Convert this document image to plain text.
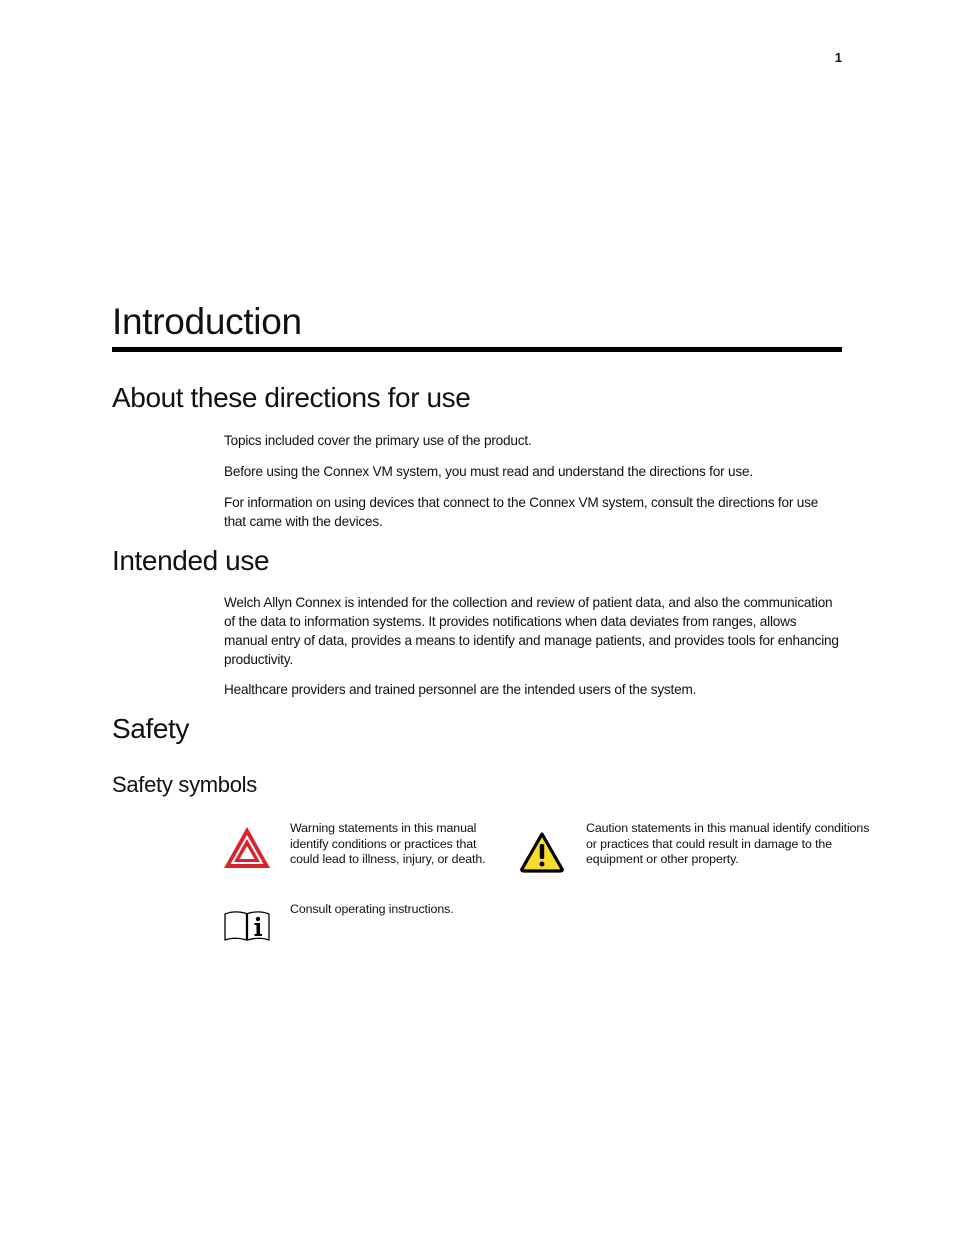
1
Introduction
About these directions for use

Topics included cover the primary use of the product.

Before using the Connex VM system, you must read and understand the directions for use.

For information on using devices that connect to the Connex VM system, consult the directions for use that came with the devices.

Intended use

Welch Allyn Connex is intended for the collection and review of patient data, and also the communication of the data to information systems. It provides notifications when data deviates from ranges, allows manual entry of data, provides a means to identify and manage patients, and provides tools for enhancing productivity.

Healthcare providers and trained personnel are the intended users of the system.

Safety
Safety symbols

Warning statements in this manual identify conditions or practices that could lead to illness, injury, or death.

Caution statements in this manual identify conditions or practices that could result in damage to the equipment or other property.

Consult operating instructions.
